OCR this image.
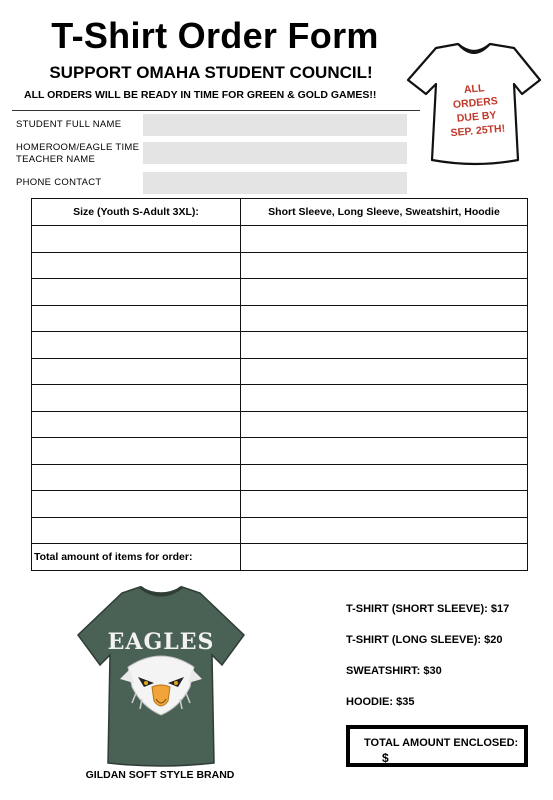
T-Shirt Order Form
SUPPORT OMAHA STUDENT COUNCIL!
ALL ORDERS WILL BE READY IN TIME FOR GREEN & GOLD GAMES!!
STUDENT FULL NAME
HOMEROOM/EAGLE TIME
TEACHER NAME
PHONE CONTACT
ALL
ORDERS
DUE BY
SEP. 25TH!
Size (Youth S-Adult 3XL):	Short Sleeve, Long Sleeve, Sweatshirt, Hoodie

Total amount of items for order:	
EAGLES
GILDAN SOFT STYLE BRAND
T-SHIRT (SHORT SLEEVE): $17
T-SHIRT (LONG SLEEVE): $20
SWEATSHIRT: $30
HOODIE: $35
TOTAL AMOUNT ENCLOSED:
$
